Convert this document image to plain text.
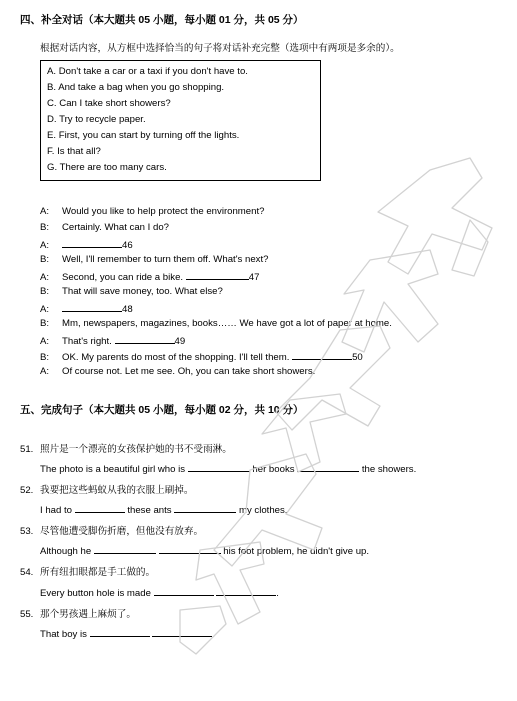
四、补全对话（本大题共 05 小题，每小题 01 分，共 05 分）
根据对话内容，从方框中选择恰当的句子将对话补充完整（选项中有两项是多余的）。
A. Don't take a car or a taxi if you don't have to.
B. And take a bag when you go shopping.
C. Can I take short showers?
D. Try to recycle paper.
E. First, you can start by turning off the lights.
F. Is that all?
G. There are too many cars.
A: Would you like to help protect the environment?
B: Certainly. What can I do?
A:	46
B: Well, I'll remember to turn them off. What's next?
A: Second, you can ride a bike.	47
B: That will save money, too. What else?
A:	48
B: Mm, newspapers, magazines, books…… We have got a lot of paper at home.
A: That's right.	49
B: OK. My parents do most of the shopping. I'll tell them.	50
A: Of course not. Let me see. Oh, you can take short showers.
五、完成句子（本大题共 05 小题，每小题 02 分，共 10 分）
51. 照片是一个漂亮的女孩保护她的书不受雨淋。
The photo is a beautiful girl who is	her books	the showers.
52. 我要把这些蚂蚁从我的衣服上刷掉。
I had to	these ants	my clothes.
53. 尽管他遭受脚伤折磨，但他没有放弃。
Although he	his foot problem, he didn't give up.
54. 所有纽扣眼都是手工做的。
Every button hole is made	.
55. 那个男孩遇上麻烦了。
That boy is	.
